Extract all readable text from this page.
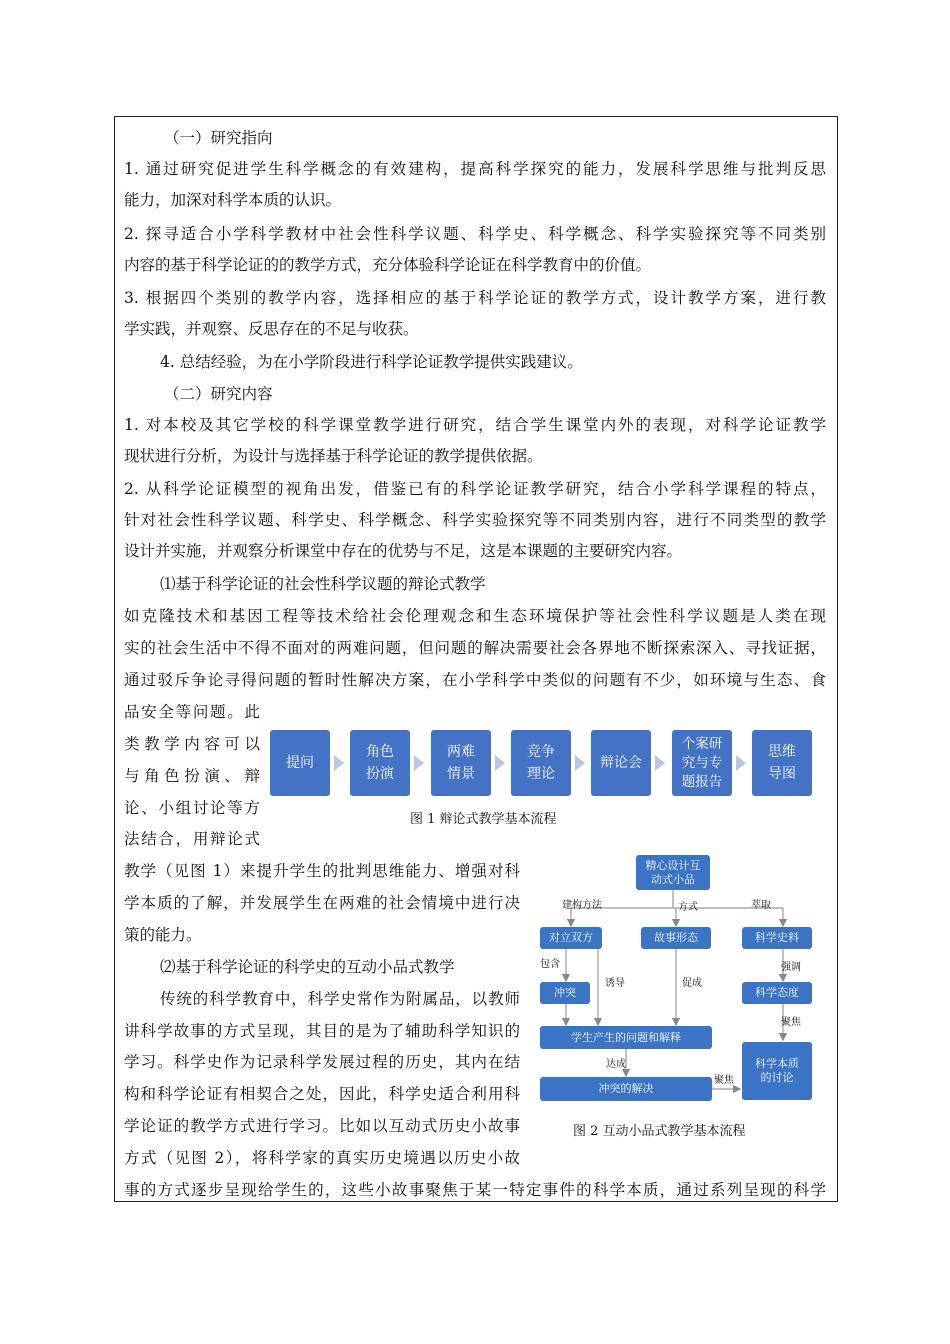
（一）研究指向
1. 通过研究促进学生科学概念的有效建构，提高科学探究的能力，发展科学思维与批判反思
能力，加深对科学本质的认识。
2. 探寻适合小学科学教材中社会性科学议题、科学史、科学概念、科学实验探究等不同类别
内容的基于科学论证的的教学方式，充分体验科学论证在科学教育中的价值。
3. 根据四个类别的教学内容，选择相应的基于科学论证的教学方式，设计教学方案，进行教
学实践，并观察、反思存在的不足与收获。
4. 总结经验，为在小学阶段进行科学论证教学提供实践建议。
（二）研究内容
1. 对本校及其它学校的科学课堂教学进行研究，结合学生课堂内外的表现，对科学论证教学
现状进行分析，为设计与选择基于科学论证的教学提供依据。
2. 从科学论证模型的视角出发，借鉴已有的科学论证教学研究，结合小学科学课程的特点，
针对社会性科学议题、科学史、科学概念、科学实验探究等不同类别内容，进行不同类型的教学
设计并实施，并观察分析课堂中存在的优势与不足，这是本课题的主要研究内容。
⑴基于科学论证的社会性科学议题的辩论式教学
如克隆技术和基因工程等技术给社会伦理观念和生态环境保护等社会性科学议题是人类在现
实的社会生活中不得不面对的两难问题，但问题的解决需要社会各界地不断探索深入、寻找证据，
通过驳斥争论寻得问题的暂时性解决方案，在小学科学中类似的问题有不少，如环境与生态、食
品安全等问题。此
类教学内容可以
与角色扮演、辩
论、小组讨论等方
法结合，用辩论式
教学（见图 1）来提升学生的批判思维能力、增强对科
学本质的了解，并发展学生在两难的社会情境中进行决
策的能力。
⑵基于科学论证的科学史的互动小品式教学
传统的科学教育中，科学史常作为附属品，以教师
讲科学故事的方式呈现，其目的是为了辅助科学知识的
学习。科学史作为记录科学发展过程的历史，其内在结
构和科学论证有相契合之处，因此，科学史适合利用科
学论证的教学方式进行学习。比如以互动式历史小故事
方式（见图 2），将科学家的真实历史境遇以历史小故
事的方式逐步呈现给学生的，这些小故事聚焦于某一特定事件的科学本质，通过系列呈现的科学
提问
角色
扮演
两难
情景
竞争
理论
辩论会
个案研
究与专
题报告
思维
导图
图 1 辩论式教学基本流程
精心设计互
动式小品
对立双方	故事形态	科学史料
冲突	科学态度
学生产生的问题和解释
冲突的解决
科学本质
的讨论
建构方法	方式	萃取
包含
诱导	促成
强调
聚焦
达成
聚焦
图 2 互动小品式教学基本流程
